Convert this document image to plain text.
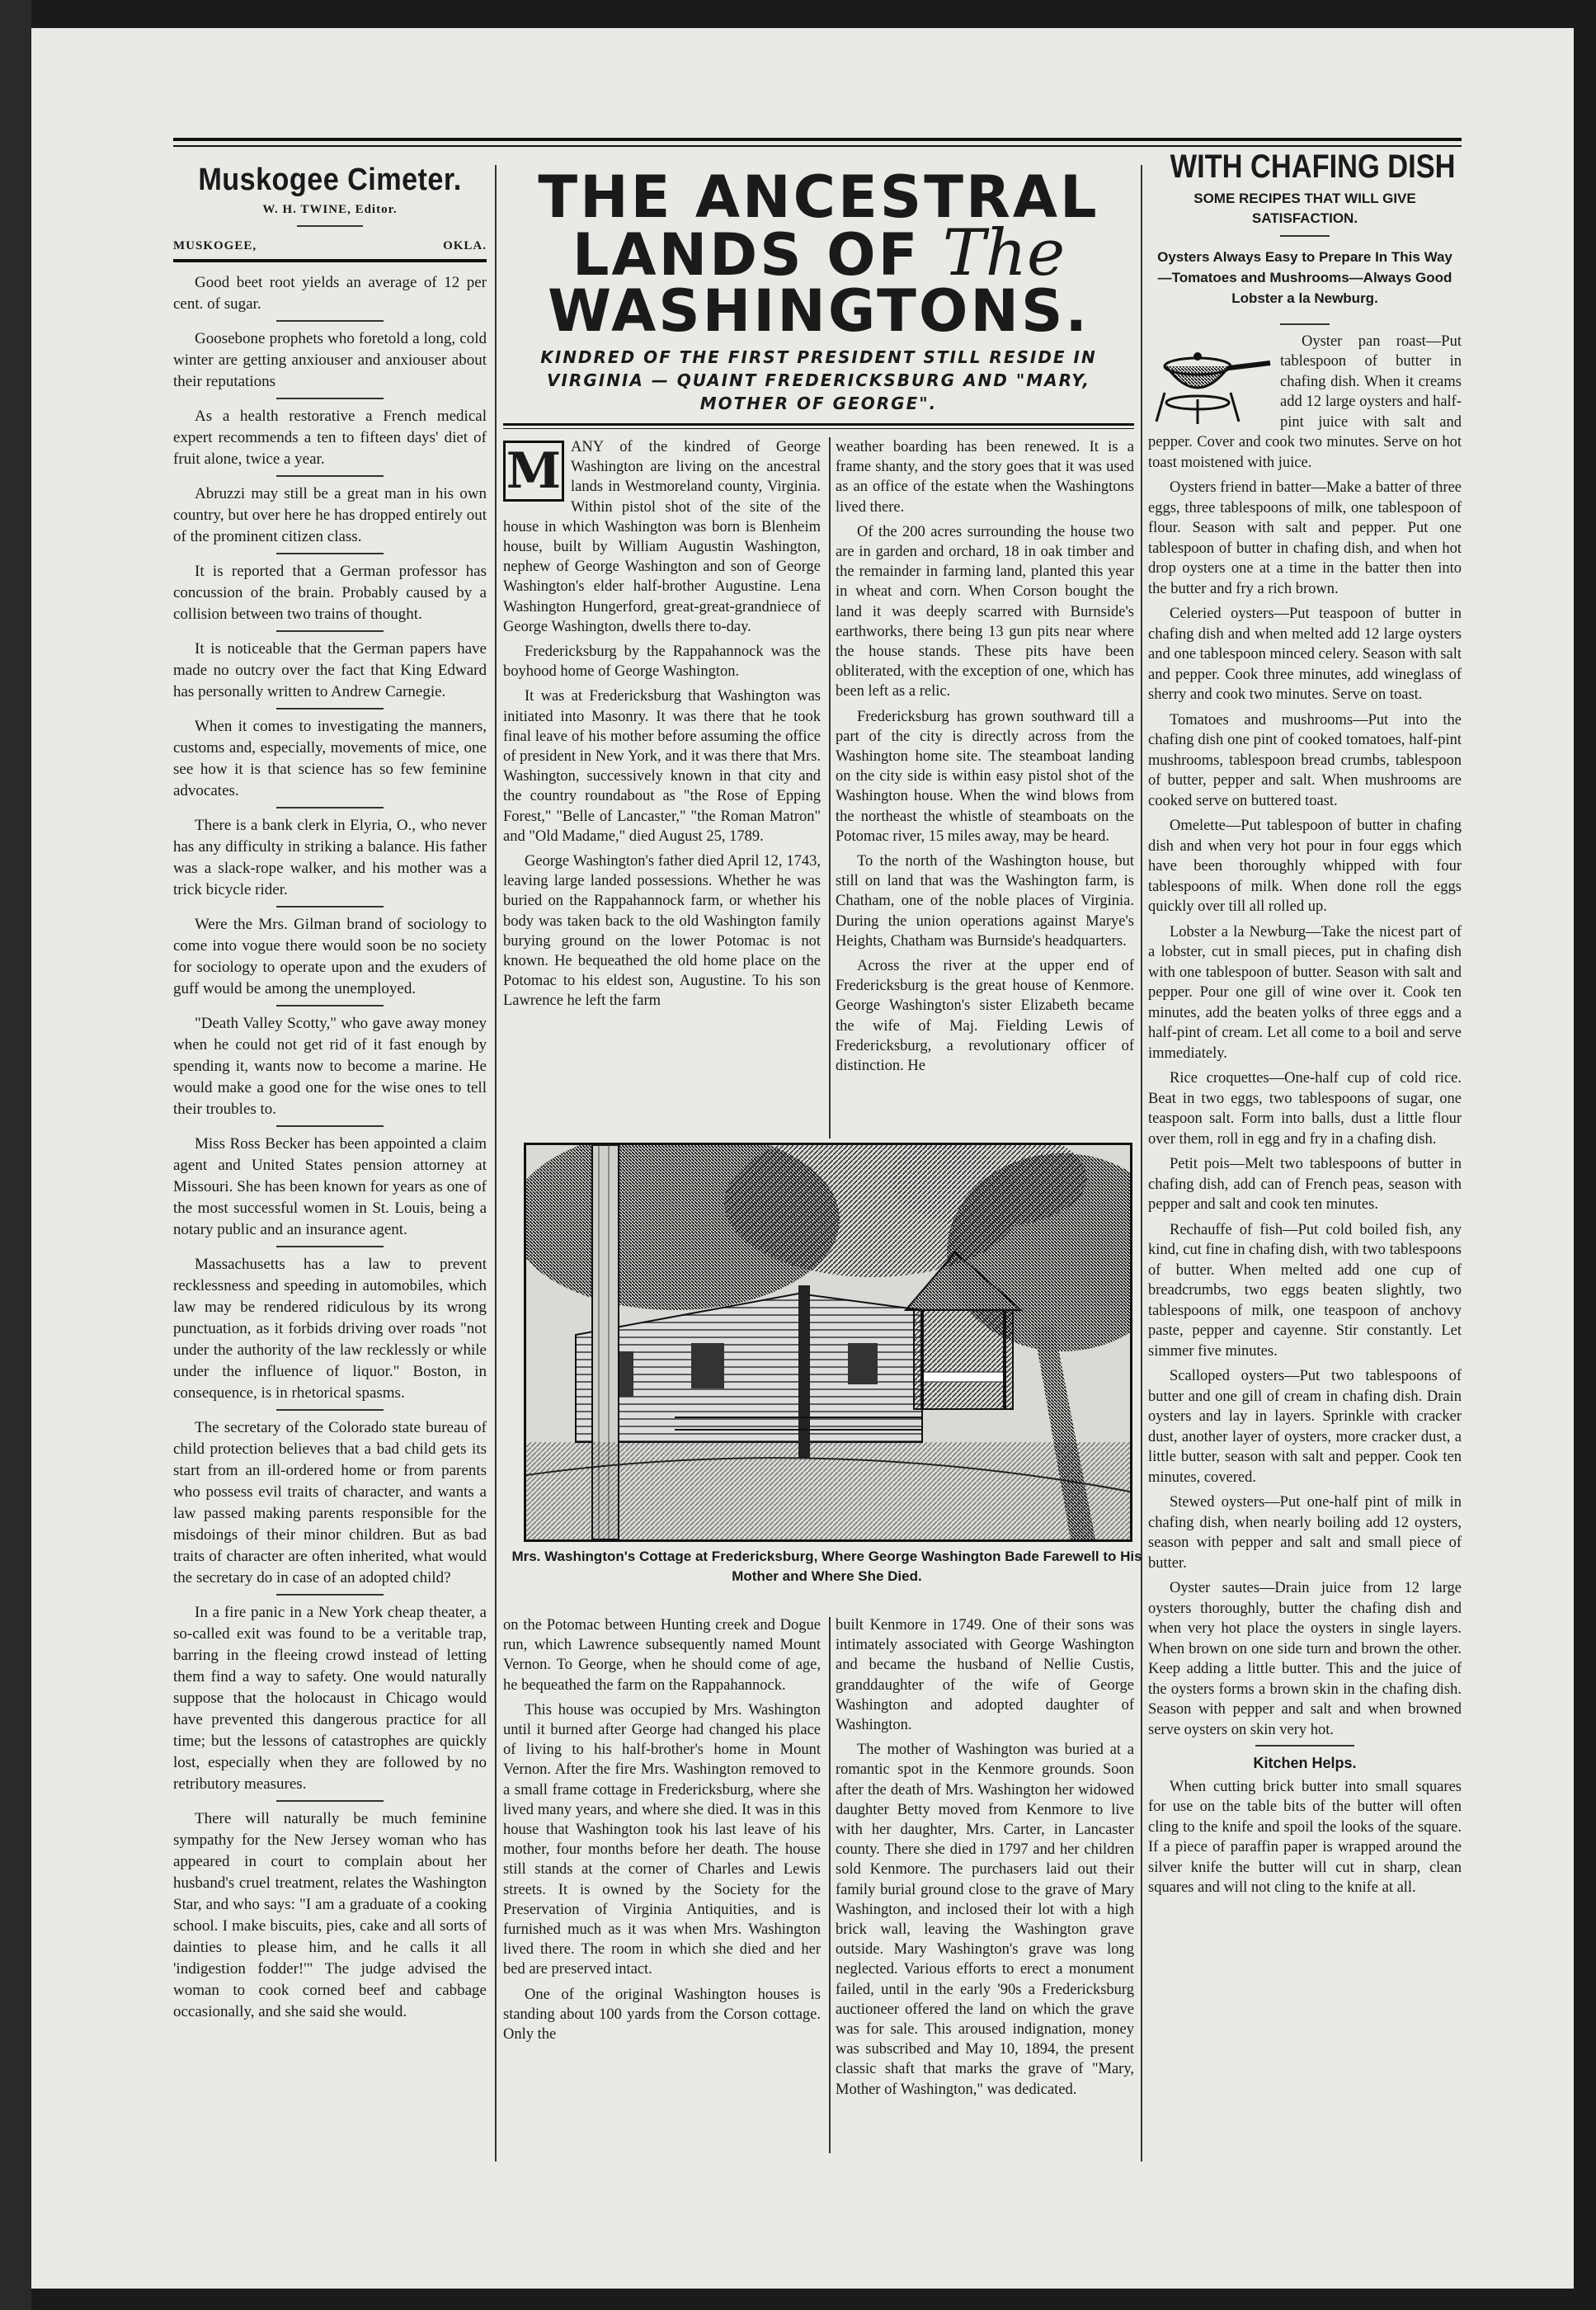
Muskogee Cimeter.
W. H. TWINE, Editor.
MUSKOGEE,	OKLA.

Good beet root yields an average of 12 per cent. of sugar.

Goosebone prophets who foretold a long, cold winter are getting anxiouser and anxiouser about their reputations

As a health restorative a French medical expert recommends a ten to fifteen days' diet of fruit alone, twice a year.

Abruzzi may still be a great man in his own country, but over here he has dropped entirely out of the prominent citizen class.

It is reported that a German professor has concussion of the brain. Probably caused by a collision between two trains of thought.

It is noticeable that the German papers have made no outcry over the fact that King Edward has personally written to Andrew Carnegie.

When it comes to investigating the manners, customs and, especially, movements of mice, one see how it is that science has so few feminine advocates.

There is a bank clerk in Elyria, O., who never has any difficulty in striking a balance. His father was a slack-rope walker, and his mother was a trick bicycle rider.

Were the Mrs. Gilman brand of sociology to come into vogue there would soon be no society for sociology to operate upon and the exuders of guff would be among the unemployed.

"Death Valley Scotty," who gave away money when he could not get rid of it fast enough by spending it, wants now to become a marine. He would make a good one for the wise ones to tell their troubles to.

Miss Ross Becker has been appointed a claim agent and United States pension attorney at Missouri. She has been known for years as one of the most successful women in St. Louis, being a notary public and an insurance agent.

Massachusetts has a law to prevent recklessness and speeding in automobiles, which law may be rendered ridiculous by its wrong punctuation, as it forbids driving over roads "not under the authority of the law recklessly or while under the influence of liquor." Boston, in consequence, is in rhetorical spasms.

The secretary of the Colorado state bureau of child protection believes that a bad child gets its start from an ill-ordered home or from parents who possess evil traits of character, and wants a law passed making parents responsible for the misdoings of their minor children. But as bad traits of character are often inherited, what would the secretary do in case of an adopted child?

In a fire panic in a New York cheap theater, a so-called exit was found to be a veritable trap, barring in the fleeing crowd instead of letting them find a way to safety. One would naturally suppose that the holocaust in Chicago would have prevented this dangerous practice for all time; but the lessons of catastrophes are quickly lost, especially when they are followed by no retributory measures.

There will naturally be much feminine sympathy for the New Jersey woman who has appeared in court to complain about her husband's cruel treatment, relates the Washington Star, and who says: "I am a graduate of a cooking school. I make biscuits, pies, cake and all sorts of dainties to please him, and he calls it all 'indigestion fodder!'" The judge advised the woman to cook corned beef and cabbage occasionally, and she said she would.

THE ANCESTRAL
LANDS OF The
WASHINGTONS.
KINDRED OF THE FIRST PRESIDENT STILL RESIDE IN VIRGINIA — QUAINT FREDERICKSBURG AND "MARY, MOTHER OF GEORGE".

M ANY of the kindred of George Washington are living on the ancestral lands in Westmoreland county, Virginia. Within pistol shot of the site of the house in which Washington was born is Blenheim house, built by William Augustin Washington, nephew of George Washington and son of George Washington's elder half-brother Augustine. Lena Washington Hungerford, great-great-grandniece of George Washington, dwells there to-day.

Fredericksburg by the Rappahannock was the boyhood home of George Washington.

It was at Fredericksburg that Washington was initiated into Masonry. It was there that he took final leave of his mother before assuming the office of president in New York, and it was there that Mrs. Washington, successively known in that city and the country roundabout as "the Rose of Epping Forest," "Belle of Lancaster," "the Roman Matron" and "Old Madame," died August 25, 1789.

George Washington's father died April 12, 1743, leaving large landed possessions. Whether he was buried on the Rappahannock farm, or whether his body was taken back to the old Washington family burying ground on the lower Potomac is not known. He bequeathed the old home place on the Potomac to his eldest son, Augustine. To his son Lawrence he left the farm

weather boarding has been renewed. It is a frame shanty, and the story goes that it was used as an office of the estate when the Washingtons lived there.

Of the 200 acres surrounding the house two are in garden and orchard, 18 in oak timber and the remainder in farming land, planted this year in wheat and corn. When Corson bought the land it was deeply scarred with Burnside's earthworks, there being 13 gun pits near where the house stands. These pits have been obliterated, with the exception of one, which has been left as a relic.

Fredericksburg has grown southward till a part of the city is directly across from the Washington home site. The steamboat landing on the city side is within easy pistol shot of the Washington house. When the wind blows from the northeast the whistle of steamboats on the Potomac river, 15 miles away, may be heard.

To the north of the Washington house, but still on land that was the Washington farm, is Chatham, one of the noble places of Virginia. During the union operations against Marye's Heights, Chatham was Burnside's headquarters.

Across the river at the upper end of Fredericksburg is the great house of Kenmore. George Washington's sister Elizabeth became the wife of Maj. Fielding Lewis of Fredericksburg, a revolutionary officer of distinction. He

Mrs. Washington's Cottage at Fredericksburg, Where George Washington Bade Farewell to His Mother and Where She Died.

on the Potomac between Hunting creek and Dogue run, which Lawrence subsequently named Mount Vernon. To George, when he should come of age, he bequeathed the farm on the Rappahannock.

This house was occupied by Mrs. Washington until it burned after George had changed his place of living to his half-brother's home in Mount Vernon. After the fire Mrs. Washington removed to a small frame cottage in Fredericksburg, where she lived many years, and where she died. It was in this house that Washington took his last leave of his mother, four months before her death. The house still stands at the corner of Charles and Lewis streets. It is owned by the Society for the Preservation of Virginia Antiquities, and is furnished much as it was when Mrs. Washington lived there. The room in which she died and her bed are preserved intact.

One of the original Washington houses is standing about 100 yards from the Corson cottage. Only the

built Kenmore in 1749. One of their sons was intimately associated with George Washington and became the husband of Nellie Custis, granddaughter of the wife of George Washington and adopted daughter of Washington.

The mother of Washington was buried at a romantic spot in the Kenmore grounds. Soon after the death of Mrs. Washington her widowed daughter Betty moved from Kenmore to live with her daughter, Mrs. Carter, in Lancaster county. There she died in 1797 and her children sold Kenmore. The purchasers laid out their family burial ground close to the grave of Mary Washington, and inclosed their lot with a high brick wall, leaving the Washington grave outside. Mary Washington's grave was long neglected. Various efforts to erect a monument failed, until in the early '90s a Fredericksburg auctioneer offered the land on which the grave was for sale. This aroused indignation, money was subscribed and May 10, 1894, the present classic shaft that marks the grave of "Mary, Mother of Washington," was dedicated.

WITH CHAFING DISH
SOME RECIPES THAT WILL GIVE SATISFACTION.
Oysters Always Easy to Prepare In This Way—Tomatoes and Mushrooms—Always Good Lobster a la Newburg.

Oyster pan roast—Put tablespoon of butter in chafing dish. When it creams add 12 large oysters and half-pint juice with salt and pepper. Cover and cook two minutes. Serve on hot toast moistened with juice.

Oysters friend in batter—Make a batter of three eggs, three tablespoons of milk, one tablespoon of flour. Season with salt and pepper. Put one tablespoon of butter in chafing dish, and when hot drop oysters one at a time in the batter then into the butter and fry a rich brown.

Celeried oysters—Put teaspoon of butter in chafing dish and when melted add 12 large oysters and one tablespoon minced celery. Season with salt and pepper. Cook three minutes, add wineglass of sherry and cook two minutes. Serve on toast.

Tomatoes and mushrooms—Put into the chafing dish one pint of cooked tomatoes, half-pint mushrooms, tablespoon bread crumbs, tablespoon of butter, pepper and salt. When mushrooms are cooked serve on buttered toast.

Omelette—Put tablespoon of butter in chafing dish and when very hot pour in four eggs which have been thoroughly whipped with four tablespoons of milk. When done roll the eggs quickly over till all rolled up.

Lobster a la Newburg—Take the nicest part of a lobster, cut in small pieces, put in chafing dish with one tablespoon of butter. Season with salt and pepper. Pour one gill of wine over it. Cook ten minutes, add the beaten yolks of three eggs and a half-pint of cream. Let all come to a boil and serve immediately.

Rice croquettes—One-half cup of cold rice. Beat in two eggs, two tablespoons of sugar, one teaspoon salt. Form into balls, dust a little flour over them, roll in egg and fry in a chafing dish.

Petit pois—Melt two tablespoons of butter in chafing dish, add can of French peas, season with pepper and salt and cook ten minutes.

Rechauffe of fish—Put cold boiled fish, any kind, cut fine in chafing dish, with two tablespoons of butter. When melted add one cup of breadcrumbs, two eggs beaten slightly, two tablespoons of milk, one teaspoon of anchovy paste, pepper and cayenne. Stir constantly. Let simmer five minutes.

Scalloped oysters—Put two tablespoons of butter and one gill of cream in chafing dish. Drain oysters and lay in layers. Sprinkle with cracker dust, another layer of oysters, more cracker dust, a little butter, season with salt and pepper. Cook ten minutes, covered.

Stewed oysters—Put one-half pint of milk in chafing dish, when nearly boiling add 12 oysters, season with pepper and salt and small piece of butter.

Oyster sautes—Drain juice from 12 large oysters thoroughly, butter the chafing dish and when very hot place the oysters in single layers. When brown on one side turn and brown the other. Keep adding a little butter. This and the juice of the oysters forms a brown skin in the chafing dish. Season with pepper and salt and when browned serve oysters on skin very hot.

Kitchen Helps.

When cutting brick butter into small squares for use on the table bits of the butter will often cling to the knife and spoil the looks of the square. If a piece of paraffin paper is wrapped around the silver knife the butter will cut in sharp, clean squares and will not cling to the knife at all.
